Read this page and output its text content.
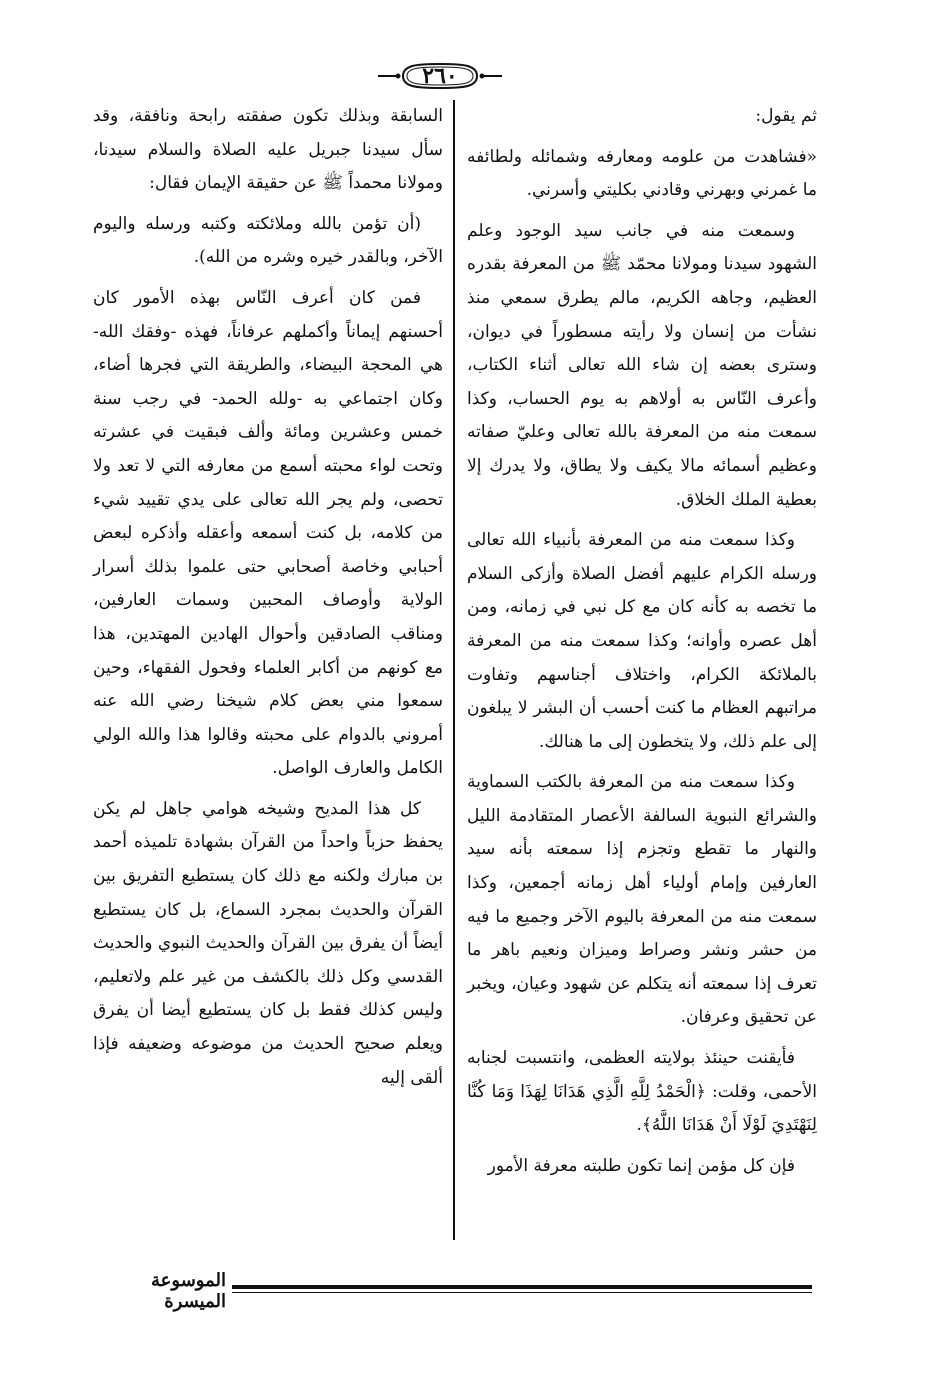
٢٦٠

ثم يقول:

«فشاهدت من علومه ومعارفه وشمائله ولطائفه ما غمرني وبهرني وقادني بكليتي وأسرني.

وسمعت منه في جانب سيد الوجود وعلم الشهود سيدنا ومولانا محمّد ﷺ من المعرفة بقدره العظيم، وجاهه الكريم، مالم يطرق سمعي منذ نشأت من إنسان ولا رأيته مسطوراً في ديوان، وسترى بعضه إن شاء الله تعالى أثناء الكتاب، وأعرف النّاس به أولاهم به يوم الحساب، وكذا سمعت منه من المعرفة بالله تعالى وعليّ صفاته وعظيم أسمائه مالا يكيف ولا يطاق، ولا يدرك إلا بعطية الملك الخلاق.

وكذا سمعت منه من المعرفة بأنبياء الله تعالى ورسله الكرام عليهم أفضل الصلاة وأزكى السلام ما تخصه به كأنه كان مع كل نبي في زمانه، ومن أهل عصره وأوانه؛ وكذا سمعت منه من المعرفة بالملائكة الكرام، واختلاف أجناسهم وتفاوت مراتبهم العظام ما كنت أحسب أن البشر لا يبلغون إلى علم ذلك، ولا يتخطون إلى ما هنالك.

وكذا سمعت منه من المعرفة بالكتب السماوية والشرائع النبوية السالفة الأعصار المتقادمة الليل والنهار ما تقطع وتجزم إذا سمعته بأنه سيد العارفين وإمام أولياء أهل زمانه أجمعين، وكذا سمعت منه من المعرفة باليوم الآخر وجميع ما فيه من حشر ونشر وصراط وميزان ونعيم باهر ما تعرف إذا سمعته أنه يتكلم عن شهود وعيان، ويخبر عن تحقيق وعرفان.

فأيقنت حينئذ بولايته العظمى، وانتسبت لجنابه الأحمى، وقلت: ﴿الْحَمْدُ لِلَّهِ الَّذِي هَدَانَا لِهَذَا وَمَا كُنَّا لِنَهْتَدِيَ لَوْلَا أَنْ هَدَانَا اللَّهُ﴾.

فإن كل مؤمن إنما تكون طلبته معرفة الأمور

السابقة وبذلك تكون صفقته رابحة ونافقة، وقد سأل سيدنا جبريل عليه الصلاة والسلام سيدنا، ومولانا محمداً ﷺ عن حقيقة الإيمان فقال:

(أن تؤمن بالله وملائكته وكتبه ورسله واليوم الآخر، وبالقدر خيره وشره من الله).

فمن كان أعرف النّاس بهذه الأمور كان أحسنهم إيماناً وأكملهم عرفاناً، فهذه -وفقك الله- هي المحجة البيضاء، والطريقة التي فجرها أضاء، وكان اجتماعي به -ولله الحمد- في رجب سنة خمس وعشرين ومائة وألف فبقيت في عشرته وتحت لواء محبته أسمع من معارفه التي لا تعد ولا تحصى، ولم يجر الله تعالى على يدي تقييد شيء من كلامه، بل كنت أسمعه وأعقله وأذكره لبعض أحبابي وخاصة أصحابي حتى علموا بذلك أسرار الولاية وأوصاف المحبين وسمات العارفين، ومناقب الصادقين وأحوال الهادين المهتدين، هذا مع كونهم من أكابر العلماء وفحول الفقهاء، وحين سمعوا مني بعض كلام شيخنا رضي الله عنه أمروني بالدوام على محبته وقالوا هذا والله الولي الكامل والعارف الواصل.

كل هذا المديح وشيخه هوامي جاهل لم يكن يحفظ حزباً واحداً من القرآن بشهادة تلميذه أحمد بن مبارك ولكنه مع ذلك كان يستطيع التفريق بين القرآن والحديث بمجرد السماع، بل كان يستطيع أيضاً أن يفرق بين القرآن والحديث النبوي والحديث القدسي وكل ذلك بالكشف من غير علم ولاتعليم، وليس كذلك فقط بل كان يستطيع أيضا أن يفرق ويعلم صحيح الحديث من موضوعه وضعيفه فإذا ألقى إليه

الموسوعة الميسرة
